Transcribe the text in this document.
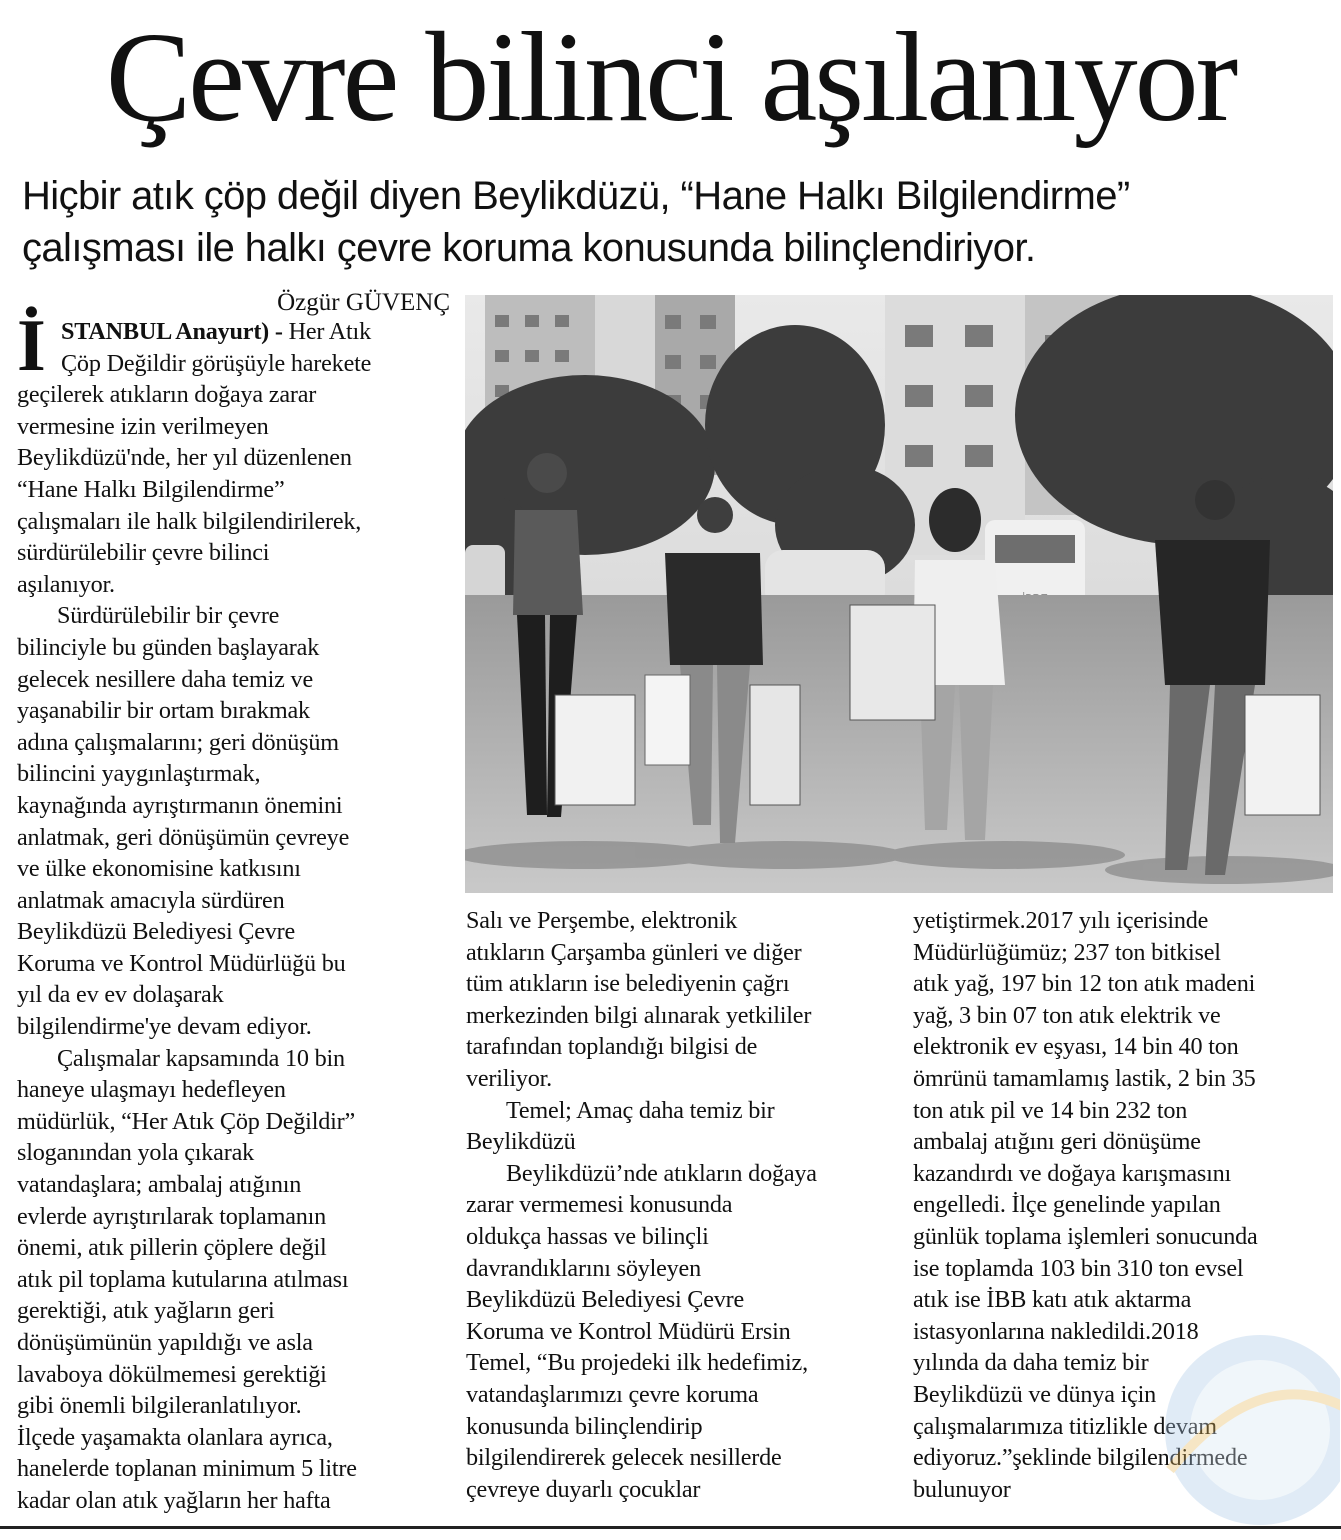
Çevre bilinci aşılanıyor
Hiçbir atık çöp değil diyen Beylikdüzü, “Hane Halkı Bilgilendirme”
çalışması ile halkı çevre koruma konusunda bilinçlendiriyor.
Özgür GÜVENÇ
İ STANBUL Anayurt) - Her Atık
Çöp Değildir görüşüyle harekete
geçilerek atıkların doğaya zarar
vermesine izin verilmeyen
Beylikdüzü'nde, her yıl düzenlenen
“Hane Halkı Bilgilendirme”
çalışmaları ile halk bilgilendirilerek,
sürdürülebilir çevre bilinci
aşılanıyor.
Sürdürülebilir bir çevre
bilinciyle bu günden başlayarak
gelecek nesillere daha temiz ve
yaşanabilir bir ortam bırakmak
adına çalışmalarını; geri dönüşüm
bilincini yaygınlaştırmak,
kaynağında ayrıştırmanın önemini
anlatmak, geri dönüşümün çevreye
ve ülke ekonomisine katkısını
anlatmak amacıyla sürdüren
Beylikdüzü Belediyesi Çevre
Koruma ve Kontrol Müdürlüğü bu
yıl da ev ev dolaşarak
bilgilendirme'ye devam ediyor.
Çalışmalar kapsamında 10 bin
haneye ulaşmayı hedefleyen
müdürlük, “Her Atık Çöp Değildir”
sloganından yola çıkarak
vatandaşlara; ambalaj atığının
evlerde ayrıştırılarak toplamanın
önemi, atık pillerin çöplere değil
atık pil toplama kutularına atılması
gerektiği, atık yağların geri
dönüşümünün yapıldığı ve asla
lavaboya dökülmemesi gerektiği
gibi önemli bilgileranlatılıyor.
İlçede yaşamakta olanlara ayrıca,
hanelerde toplanan minimum 5 litre
kadar olan atık yağların her hafta
Salı ve Perşembe, elektronik
atıkların Çarşamba günleri ve diğer
tüm atıkların ise belediyenin çağrı
merkezinden bilgi alınarak yetkililer
tarafından toplandığı bilgisi de
veriliyor.
Temel; Amaç daha temiz bir
Beylikdüzü
Beylikdüzü’nde atıkların doğaya
zarar vermemesi konusunda
oldukça hassas ve bilinçli
davrandıklarını söyleyen
Beylikdüzü Belediyesi Çevre
Koruma ve Kontrol Müdürü Ersin
Temel, “Bu projedeki ilk hedefimiz,
vatandaşlarımızı çevre koruma
konusunda bilinçlendirip
bilgilendirerek gelecek nesillerde
çevreye duyarlı çocuklar
yetiştirmek.2017 yılı içerisinde
Müdürlüğümüz; 237 ton bitkisel
atık yağ, 197 bin 12 ton atık madeni
yağ, 3 bin 07 ton atık elektrik ve
elektronik ev eşyası, 14 bin 40 ton
ömrünü tamamlamış lastik, 2 bin 35
ton atık pil ve 14 bin 232 ton
ambalaj atığını geri dönüşüme
kazandırdı ve doğaya karışmasını
engelledi. İlçe genelinde yapılan
günlük toplama işlemleri sonucunda
ise toplamda 103 bin 310 ton evsel
atık ise İBB katı atık aktarma
istasyonlarına nakledildi.2018
yılında da daha temiz bir
Beylikdüzü ve dünya için
çalışmalarımıza titizlikle devam
ediyoruz.”şeklinde bilgilendirmede
bulunuyor
